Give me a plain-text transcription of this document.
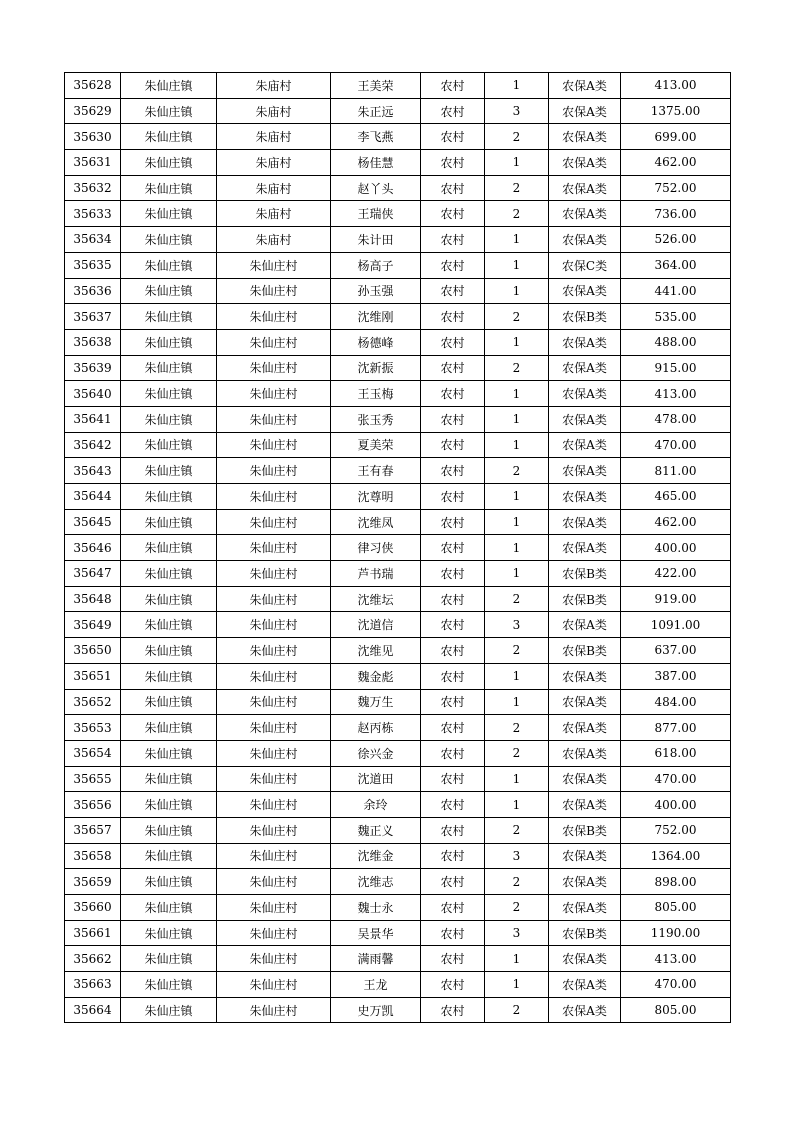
35628	朱仙庄镇	朱庙村	王美荣	农村	1	农保A类	413.00
35629	朱仙庄镇	朱庙村	朱正远	农村	3	农保A类	1375.00
35630	朱仙庄镇	朱庙村	李飞燕	农村	2	农保A类	699.00
35631	朱仙庄镇	朱庙村	杨佳慧	农村	1	农保A类	462.00
35632	朱仙庄镇	朱庙村	赵丫头	农村	2	农保A类	752.00
35633	朱仙庄镇	朱庙村	王瑞侠	农村	2	农保A类	736.00
35634	朱仙庄镇	朱庙村	朱计田	农村	1	农保A类	526.00
35635	朱仙庄镇	朱仙庄村	杨高子	农村	1	农保C类	364.00
35636	朱仙庄镇	朱仙庄村	孙玉强	农村	1	农保A类	441.00
35637	朱仙庄镇	朱仙庄村	沈维刚	农村	2	农保B类	535.00
35638	朱仙庄镇	朱仙庄村	杨德峰	农村	1	农保A类	488.00
35639	朱仙庄镇	朱仙庄村	沈新振	农村	2	农保A类	915.00
35640	朱仙庄镇	朱仙庄村	王玉梅	农村	1	农保A类	413.00
35641	朱仙庄镇	朱仙庄村	张玉秀	农村	1	农保A类	478.00
35642	朱仙庄镇	朱仙庄村	夏美荣	农村	1	农保A类	470.00
35643	朱仙庄镇	朱仙庄村	王有春	农村	2	农保A类	811.00
35644	朱仙庄镇	朱仙庄村	沈尊明	农村	1	农保A类	465.00
35645	朱仙庄镇	朱仙庄村	沈维凤	农村	1	农保A类	462.00
35646	朱仙庄镇	朱仙庄村	律习侠	农村	1	农保A类	400.00
35647	朱仙庄镇	朱仙庄村	芦书瑞	农村	1	农保B类	422.00
35648	朱仙庄镇	朱仙庄村	沈维坛	农村	2	农保B类	919.00
35649	朱仙庄镇	朱仙庄村	沈道信	农村	3	农保A类	1091.00
35650	朱仙庄镇	朱仙庄村	沈维见	农村	2	农保B类	637.00
35651	朱仙庄镇	朱仙庄村	魏金彪	农村	1	农保A类	387.00
35652	朱仙庄镇	朱仙庄村	魏万生	农村	1	农保A类	484.00
35653	朱仙庄镇	朱仙庄村	赵丙栋	农村	2	农保A类	877.00
35654	朱仙庄镇	朱仙庄村	徐兴金	农村	2	农保A类	618.00
35655	朱仙庄镇	朱仙庄村	沈道田	农村	1	农保A类	470.00
35656	朱仙庄镇	朱仙庄村	余玲	农村	1	农保A类	400.00
35657	朱仙庄镇	朱仙庄村	魏正义	农村	2	农保B类	752.00
35658	朱仙庄镇	朱仙庄村	沈维金	农村	3	农保A类	1364.00
35659	朱仙庄镇	朱仙庄村	沈维志	农村	2	农保A类	898.00
35660	朱仙庄镇	朱仙庄村	魏士永	农村	2	农保A类	805.00
35661	朱仙庄镇	朱仙庄村	吴景华	农村	3	农保B类	1190.00
35662	朱仙庄镇	朱仙庄村	满雨馨	农村	1	农保A类	413.00
35663	朱仙庄镇	朱仙庄村	王龙	农村	1	农保A类	470.00
35664	朱仙庄镇	朱仙庄村	史万凯	农村	2	农保A类	805.00
